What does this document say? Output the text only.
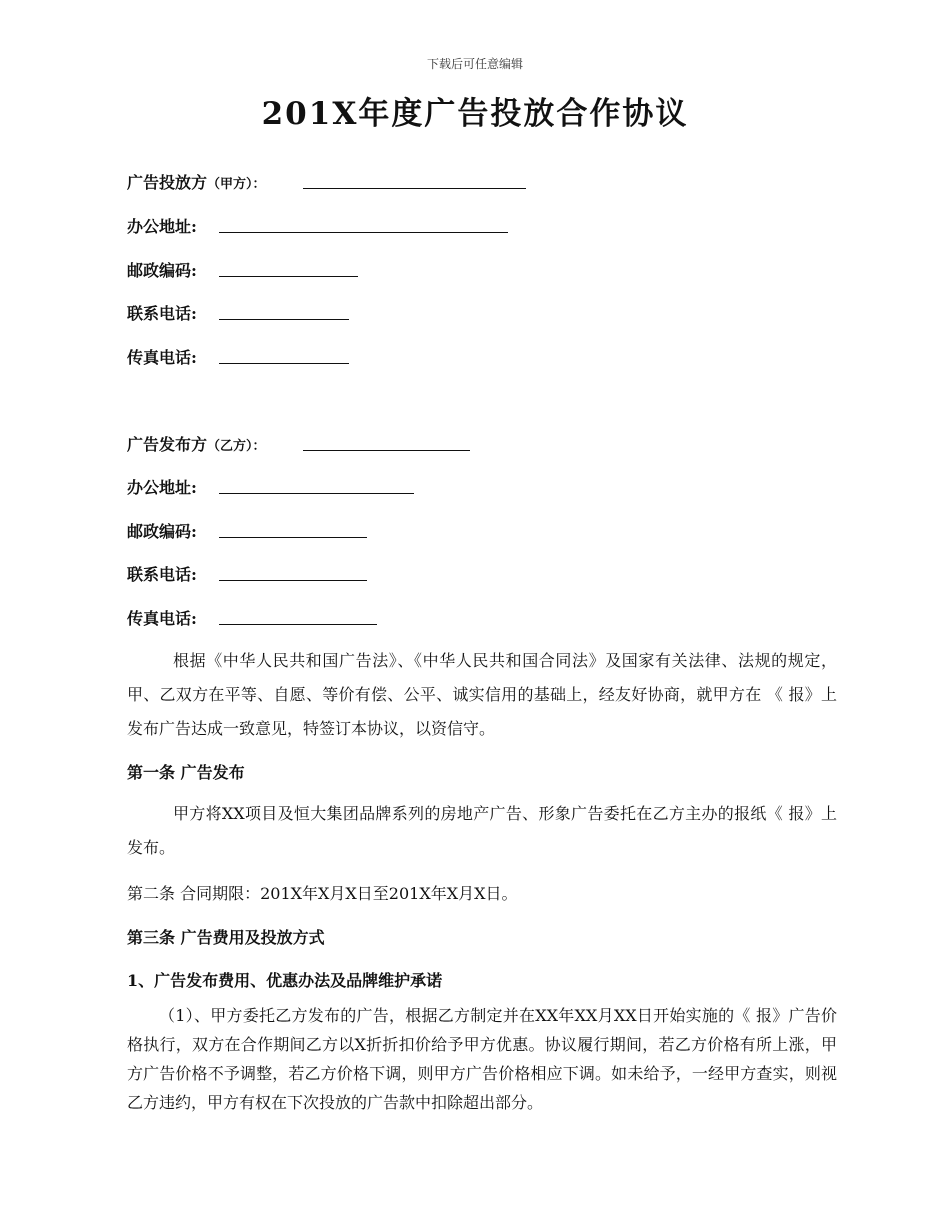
下载后可任意编辑
201X年度广告投放合作协议
广告投放方（甲方）：
办公地址:
邮政编码:
联系电话:
传真电话:
广告发布方（乙方）：
办公地址:
邮政编码:
联系电话:
传真电话:
根据《中华人民共和国广告法》、《中华人民共和国合同法》及国家有关法律、法规的规定，甲、乙双方在平等、自愿、等价有偿、公平、诚实信用的基础上，经友好协商，就甲方在 《 报》上发布广告达成一致意见，特签订本协议，以资信守。
第一条 广告发布
甲方将XX项目及恒大集团品牌系列的房地产广告、形象广告委托在乙方主办的报纸《 报》上发布。
第二条 合同期限：201X年X月X日至201X年X月X日。
第三条 广告费用及投放方式
1、广告发布费用、优惠办法及品牌维护承诺
（1）、甲方委托乙方发布的广告，根据乙方制定并在XX年XX月XX日开始实施的《 报》广告价格执行，双方在合作期间乙方以X折折扣价给予甲方优惠。协议履行期间，若乙方价格有所上涨，甲方广告价格不予调整，若乙方价格下调，则甲方广告价格相应下调。如未给予，一经甲方查实，则视乙方违约，甲方有权在下次投放的广告款中扣除超出部分。
